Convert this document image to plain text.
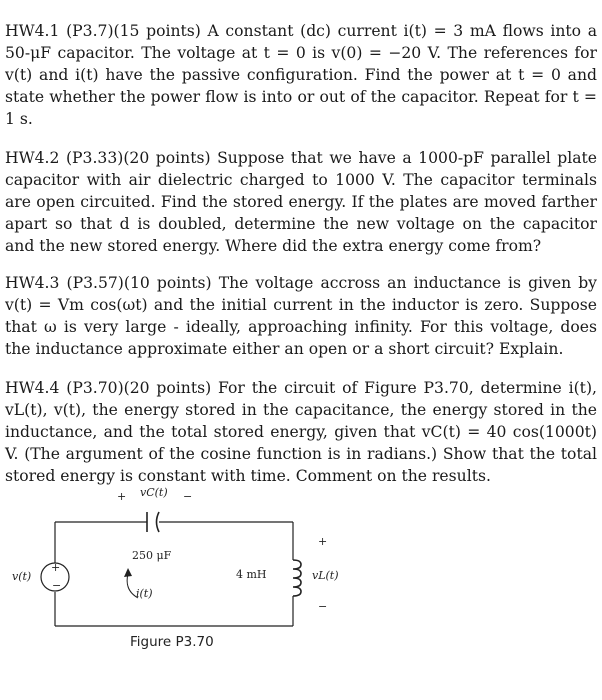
HW4.1 (P3.7)(15 points) A constant (dc) current i(t) = 3 mA flows into a 50-μF capacitor. The voltage at t = 0 is v(0) = −20 V. The references for v(t) and i(t) have the passive configuration. Find the power at t = 0 and state whether the power flow is into or out of the capacitor. Repeat for t = 1 s.

HW4.2 (P3.33)(20 points) Suppose that we have a 1000-pF parallel plate capacitor with air dielectric charged to 1000 V. The capacitor terminals are open circuited. Find the stored energy. If the plates are moved farther apart so that d is doubled, determine the new voltage on the capacitor and the new stored energy. Where did the extra energy come from?

HW4.3 (P3.57)(10 points) The voltage accross an inductance is given by v(t) = Vm cos(ωt) and the initial current in the inductor is zero. Suppose that ω is very large - ideally, approaching infinity. For this voltage, does the inductance approximate either an open or a short circuit? Explain.

HW4.4 (P3.70)(20 points) For the circuit of Figure P3.70, determine i(t), vL(t), v(t), the energy stored in the capacitance, the energy stored in the inductance, and the total stored energy, given that vC(t) = 40 cos(1000t) V. (The argument of the cosine function is in radians.) Show that the total stored energy is constant with time. Comment on the results.

+ vC(t) −
250 μF
+
−
v(t)
i(t)
4 mH
+
vL(t)
−
Figure P3.70
